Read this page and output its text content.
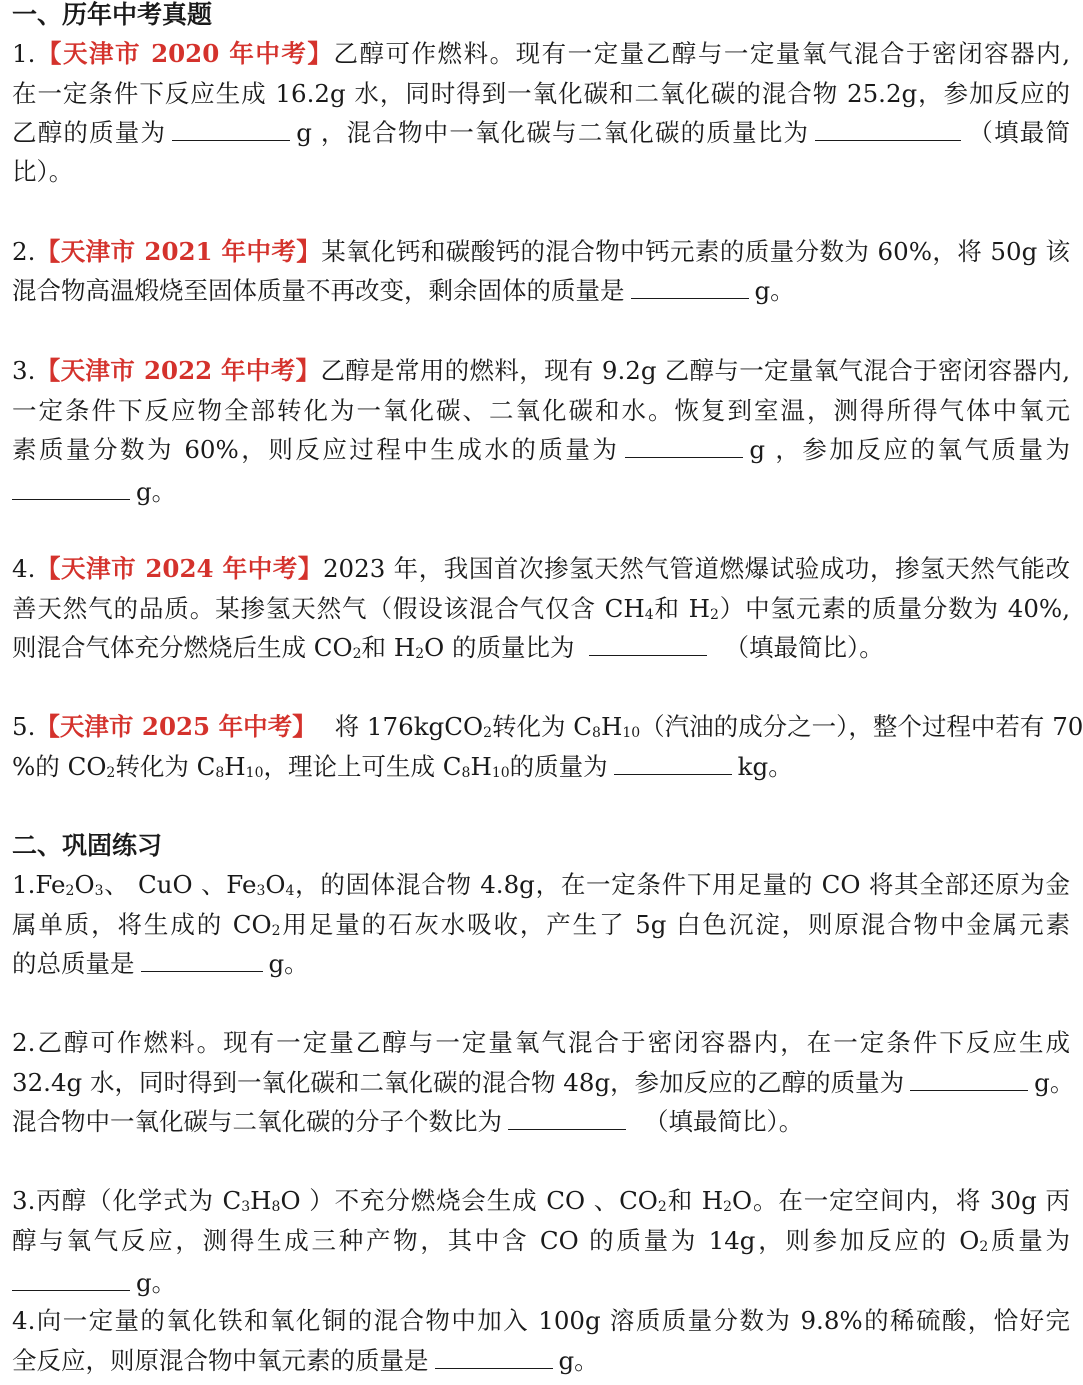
一、历年中考真题
1.【天津市 2020 年中考】乙醇可作燃料。现有一定量乙醇与一定量氧气混合于密闭容器内,
在一定条件下反应生成 16.2g 水，同时得到一氧化碳和二氧化碳的混合物 25.2g，参加反应的
乙醇的质量为	g ，混合物中一氧化碳与二氧化碳的质量比为	（填最简
比）。
2.【天津市 2021 年中考】某氧化钙和碳酸钙的混合物中钙元素的质量分数为 60%，将 50g 该
混合物高温煅烧至固体质量不再改变，剩余固体的质量是	g。
3.【天津市 2022 年中考】乙醇是常用的燃料，现有 9.2g 乙醇与一定量氧气混合于密闭容器内,
一定条件下反应物全部转化为一氧化碳、二氧化碳和水。恢复到室温，测得所得气体中氧元
素质量分数为 60%，则反应过程中生成水的质量为	g ，参加反应的氧气质量为
g。
4.【天津市 2024 年中考】2023 年，我国首次掺氢天然气管道燃爆试验成功，掺氢天然气能改
善天然气的品质。某掺氢天然气（假设该混合气仅含 $CH_4$和 $H_2$）中氢元素的质量分数为 40%,
则混合气体充分燃烧后生成 $CO_2$和 $H_2O$ 的质量比为	（填最简比）。
5.【天津市 2025 年中考】 将 176kgCO$_2$转化为 $C_8H_{10}$（汽油的成分之一），整个过程中若有 70
%的 $CO_2$转化为 $C_8H_{10}$，理论上可生成 $C_8H_{10}$的质量为	kg。
二、巩固练习
$1.Fe_2O_3$、 CuO 、$Fe_3O_4$，的固体混合物 4.8g，在一定条件下用足量的 CO 将其全部还原为金
属单质，将生成的 $CO_2$用足量的石灰水吸收，产生了 5g 白色沉淀，则原混合物中金属元素
的总质量是	g。
2.乙醇可作燃料。现有一定量乙醇与一定量氧气混合于密闭容器内，在一定条件下反应生成
32.4g 水，同时得到一氧化碳和二氧化碳的混合物 48g，参加反应的乙醇的质量为	g。
混合物中一氧化碳与二氧化碳的分子个数比为	（填最简比）。
3.丙醇（化学式为 $C_3H_8O$ ）不充分燃烧会生成 CO 、$CO_2$和 $H_2O$。在一定空间内，将 30g 丙
醇与氧气反应，测得生成三种产物，其中含 CO 的质量为 14g，则参加反应的 $O_2$质量为
g。
4.向一定量的氧化铁和氧化铜的混合物中加入 100g 溶质质量分数为 9.8%的稀硫酸，恰好完
全反应，则原混合物中氧元素的质量是	g。
